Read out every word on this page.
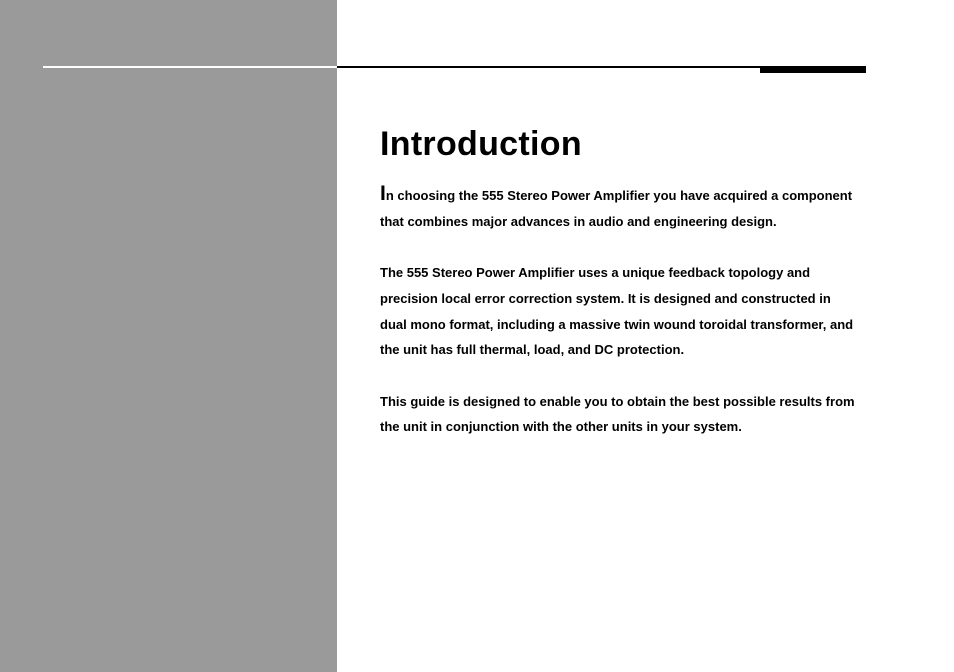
Introduction

In choosing the 555 Stereo Power Amplifier you have acquired a component that combines major advances in audio and engineering design.

The 555 Stereo Power Amplifier uses a unique feedback topology and precision local error correction system. It is designed and constructed in dual mono format, including a massive twin wound toroidal transformer, and the unit has full thermal, load, and DC protection.

This guide is designed to enable you to obtain the best possible results from the unit in conjunction with the other units in your system.
